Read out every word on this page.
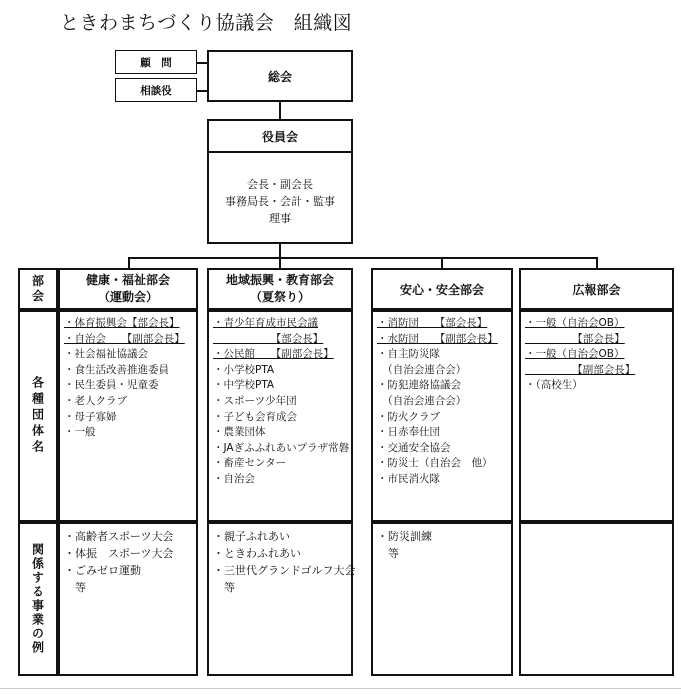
ときわまちづくり協議会　組織図
顧　問
相談役
総会
役員会
会長・副会長
事務局長・会計・監事
理事
部
会
各種団体名
関係する事業の例
健康・福祉部会
（運動会）
・体育振興会【部会長】
・自治会　　【副部会長】
・社会福祉協議会
・食生活改善推進委員
・民生委員・児童委
・老人クラブ
・母子寡婦
・一般
・高齢者スポーツ大会
・体振　スポーツ大会
・ごみゼロ運動
　等
地域振興・教育部会
（夏祭り）
・青少年育成市民会議
　　　　　　【部会長】
・公民館　　【副部会長】
・小学校PTA
・中学校PTA
・スポーツ少年団
・子ども会育成会
・農業団体
・JAぎふふれあいプラザ常磐
・畜産センター
・自治会
・親子ふれあい
・ときわふれあい
・三世代グランドゴルフ大会
　等
安心・安全部会
・消防団　　【部会長】
・水防団　　【副部会長】
・自主防災隊
　（自治会連合会）
・防犯連絡協議会
　（自治会連合会）
・防火クラブ
・日赤奉仕団
・交通安全協会
・防災士（自治会　他）
・市民消火隊
・防災訓練
　等
広報部会
・一般（自治会OB）
　　　　　【部会長】
・一般（自治会OB）
　　　　　【副部会長】
・（高校生）
